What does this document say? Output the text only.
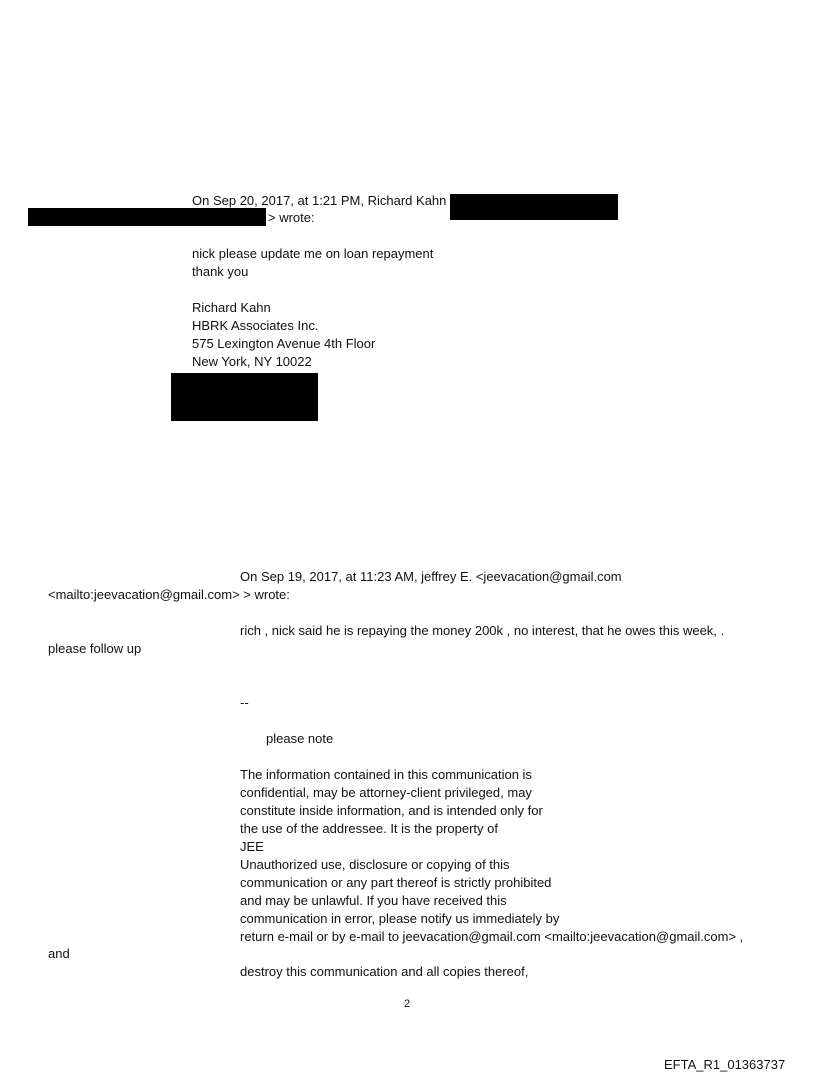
On Sep 20, 2017, at 1:21 PM, Richard Kahn
> wrote:
nick please update me on loan repayment
thank you
Richard Kahn
HBRK Associates Inc.
575 Lexington Avenue 4th Floor
New York, NY 10022
On Sep 19, 2017, at 11:23 AM, jeffrey E. <jeevacation@gmail.com
<mailto:jeevacation@gmail.com> > wrote:
rich , nick said he is repaying the money 200k , no interest, that he owes this week, .
please follow up
--
please note
The information contained in this communication is
confidential, may be attorney-client privileged, may
constitute inside information, and is intended only for
the use of the addressee. It is the property of
JEE
Unauthorized use, disclosure or copying of this
communication or any part thereof is strictly prohibited
and may be unlawful. If you have received this
communication in error, please notify us immediately by
return e-mail or by e-mail to jeevacation@gmail.com <mailto:jeevacation@gmail.com> ,
and
destroy this communication and all copies thereof,
2
EFTA_R1_01363737
